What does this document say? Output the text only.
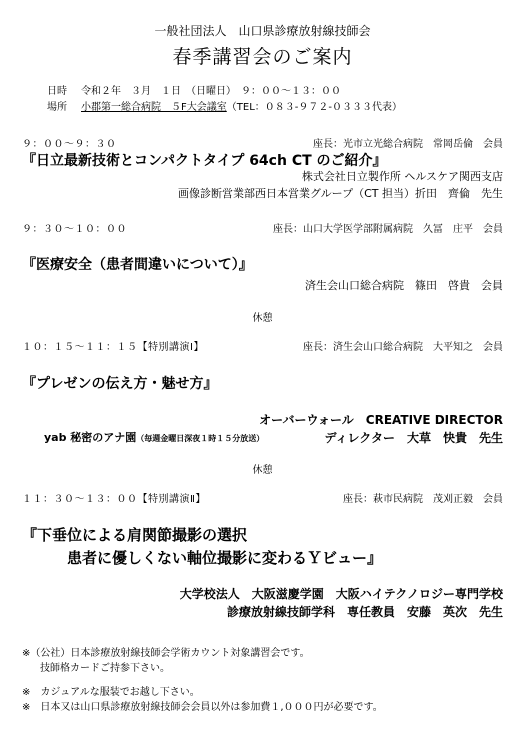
一般社団法人　山口県診療放射線技師会
春季講習会のご案内
日時 令和２年　３月　１日　（日曜日）　９：００～１３：００
場所 小郡第一総合病院　５F大会議室（TEL：０８３-９７２-０３３３代表）
９：００～９：３０	座長：光市立光総合病院　常岡岳倫　会員
『日立最新技術とコンパクトタイプ 64ch CT のご紹介』
株式会社日立製作所 ヘルスケア関西支店
画像診断営業部西日本営業グループ（CT 担当）折田　齊倫　先生
９：３０～１０：００	座長：山口大学医学部附属病院　久冨　庄平　会員
『医療安全（患者間違いについて）』
済生会山口総合病院　篠田　啓貴　会員
休憩
１０：１５～１１：１５【特別講演Ⅰ】	座長：済生会山口総合病院　大平知之　会員
『プレゼンの伝え方・魅せ方』
オーバーウォール　CREATIVE DIRECTOR
yab 秘密のアナ園（毎週金曜日深夜１時１５分放送）	ディレクター　大草　快貴　先生
休憩
１１：３０～１３：００【特別講演Ⅱ】	座長：萩市民病院　茂刈正毅　会員
『下垂位による肩関節撮影の選択
患者に優しくない軸位撮影に変わるＹビュー』
大学校法人　大阪滋慶学園　大阪ハイテクノロジー専門学校
診療放射線技師学科　専任教員　安藤　英次　先生
※（公社）日本診療放射線技師会学術カウント対象講習会です。
技師格カードご持参下さい。
※　カジュアルな服装でお越し下さい。
※　日本又は山口県診療放射線技師会会員以外は参加費１,０００円が必要です。
